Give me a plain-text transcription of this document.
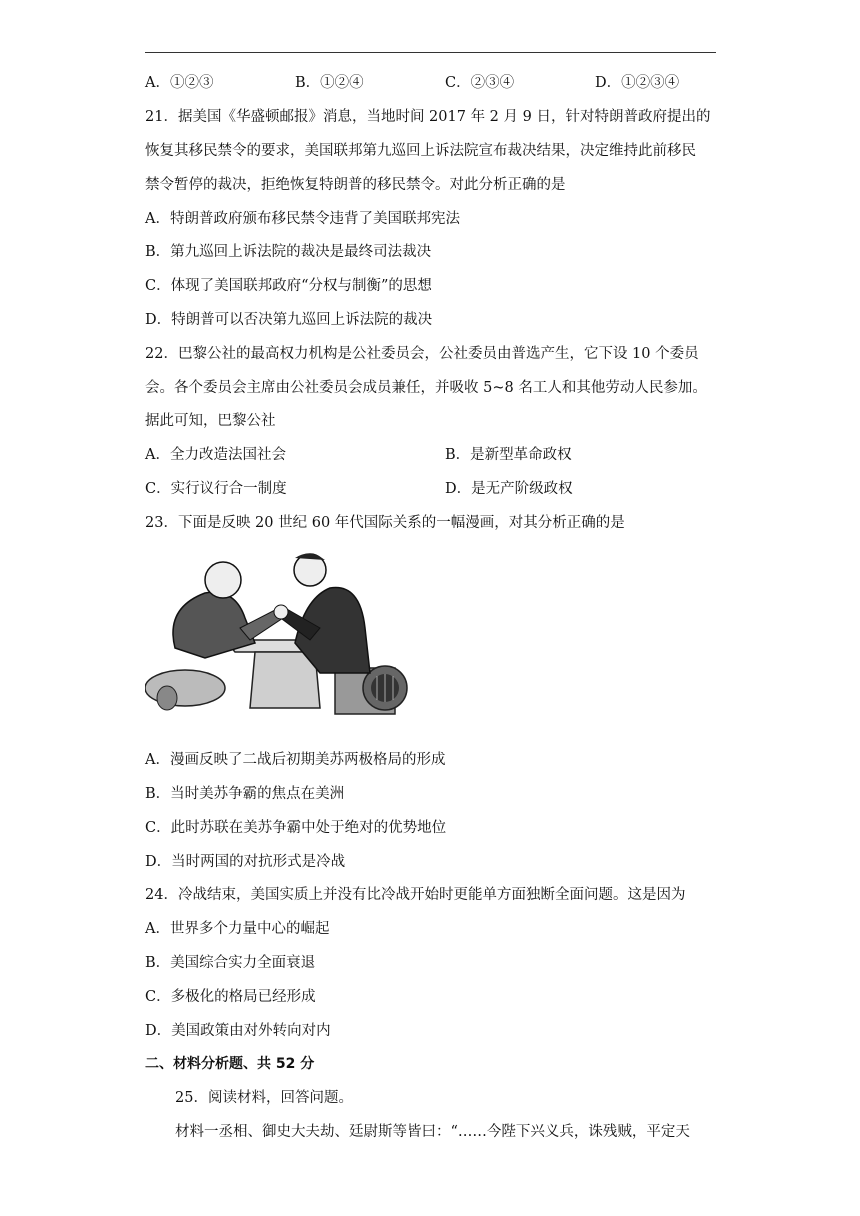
A．①②③	B．①②④	C．②③④	D．①②③④
21．据美国《华盛顿邮报》消息，当地时间 2017 年 2 月 9 日，针对特朗普政府提出的
恢复其移民禁令的要求，美国联邦第九巡回上诉法院宣布裁决结果，决定维持此前移民
禁令暂停的裁决，拒绝恢复特朗普的移民禁令。对此分析正确的是
A．特朗普政府颁布移民禁令违背了美国联邦宪法
B．第九巡回上诉法院的裁决是最终司法裁决
C．体现了美国联邦政府“分权与制衡”的思想
D．特朗普可以否决第九巡回上诉法院的裁决
22．巴黎公社的最高权力机构是公社委员会，公社委员由普选产生，它下设 10 个委员
会。各个委员会主席由公社委员会成员兼任，并吸收 5~8 名工人和其他劳动人民参加。
据此可知，巴黎公社
A．全力改造法国社会	B．是新型革命政权
C．实行议行合一制度	D．是无产阶级政权
23．下面是反映 20 世纪 60 年代国际关系的一幅漫画，对其分析正确的是
A．漫画反映了二战后初期美苏两极格局的形成
B．当时美苏争霸的焦点在美洲
C．此时苏联在美苏争霸中处于绝对的优势地位
D．当时两国的对抗形式是冷战
24．冷战结束，美国实质上并没有比冷战开始时更能单方面独断全面问题。这是因为
A．世界多个力量中心的崛起
B．美国综合实力全面衰退
C．多极化的格局已经形成
D．美国政策由对外转向对内
二、材料分析题、共 52 分
25．阅读材料，回答问题。
材料一丞相、御史大夫劫、廷尉斯等皆曰：“……今陛下兴义兵，诛残贼，平定天
